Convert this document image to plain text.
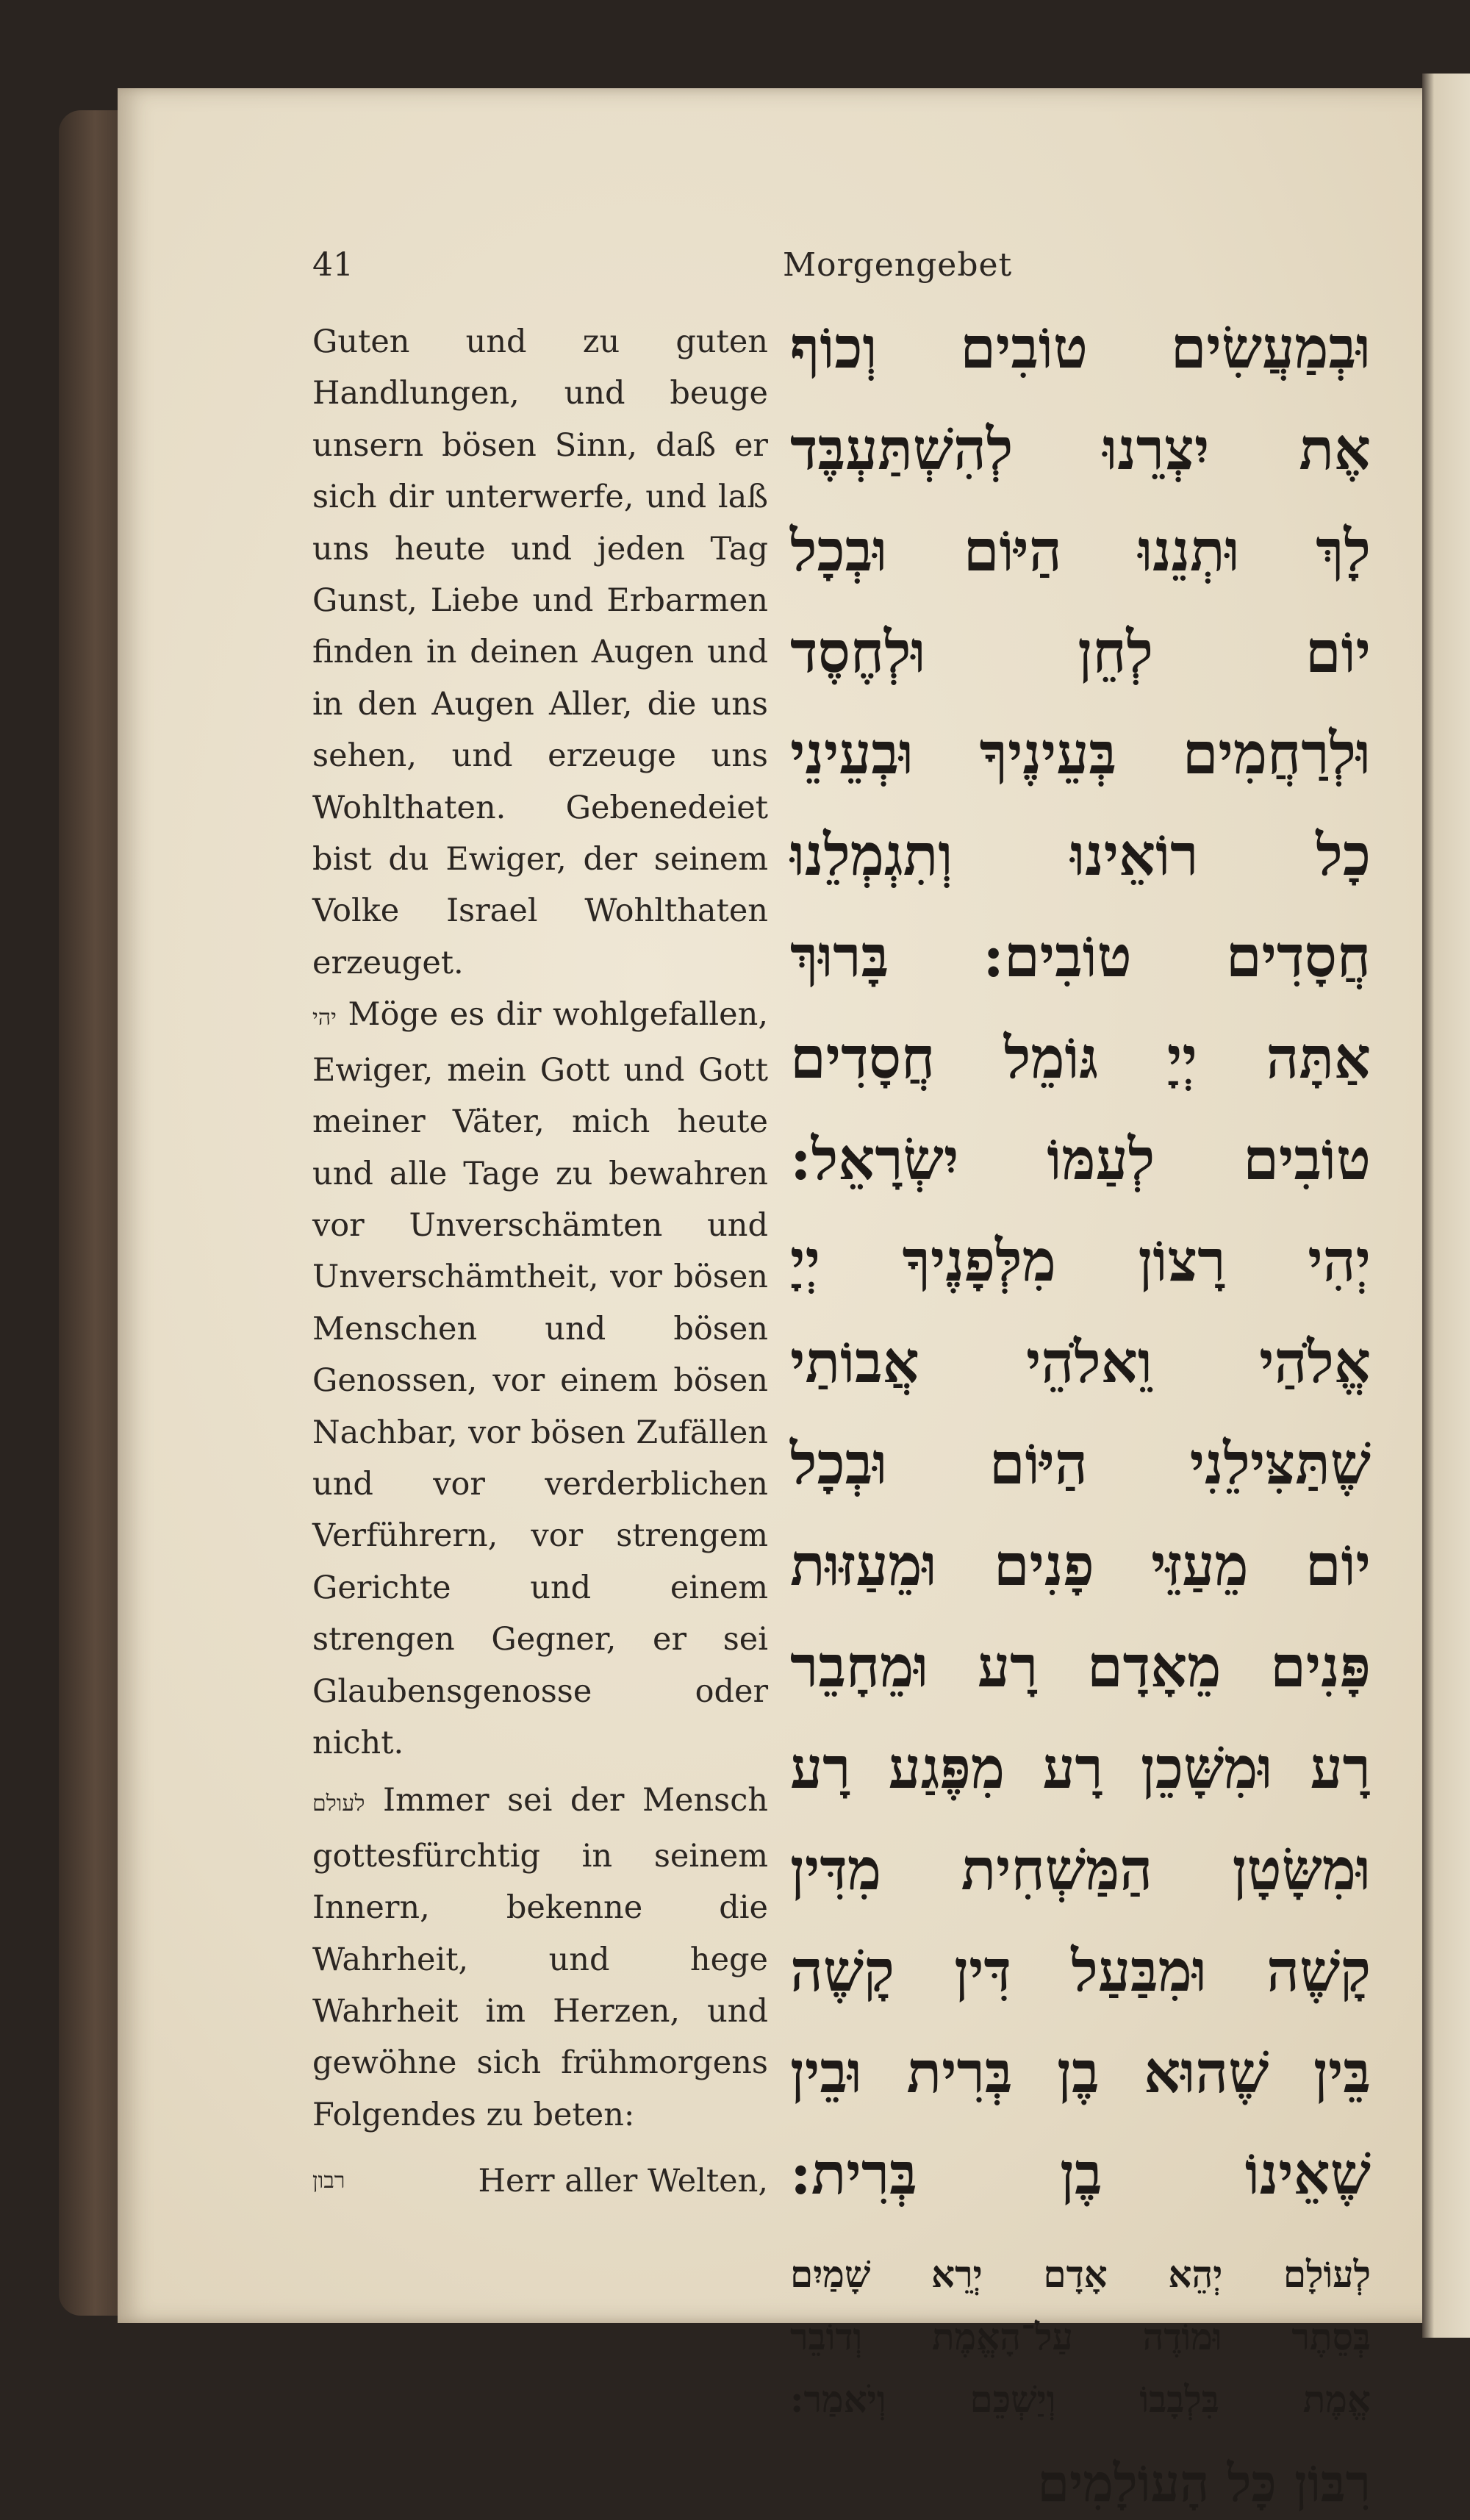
41	Morgengebet

Guten und zu guten Handlungen, und beuge unsern bösen Sinn, daß er sich dir unterwerfe, und laß uns heute und jeden Tag Gunst, Liebe und Erbarmen finden in deinen Augen und in den Augen Aller, die uns sehen, und erzeuge uns Wohlthaten. Gebenedeiet bist du Ewiger, der seinem Volke Israel Wohlthaten erzeuget.

יהי Möge es dir wohlgefallen, Ewiger, mein Gott und Gott meiner Väter, mich heute und alle Tage zu bewahren vor Unverschämten und Unverschämtheit, vor bösen Menschen und bösen Genossen, vor einem bösen Nachbar, vor bösen Zufällen und vor verderblichen Verführern, vor strengem Gerichte und einem strengen Gegner, er sei Glaubensgenosse oder nicht.

לעולם Immer sei der Mensch gottesfürchtig in seinem Innern, bekenne die Wahrheit, und hege Wahrheit im Herzen, und gewöhne sich frühmorgens Folgendes zu beten:

רבון	Herr aller Welten,
וּבְמַעֲשִׂים טוֹבִים וְכוֹף
אֶת יִצְרֵנוּ לְהִשְׁתַּעְבֶּד
לָךְ וּתְנֵנוּ הַיּוֹם וּבְכָל
יוֹם לְחֵן וּלְחֶסֶד
וּלְרַחֲמִים בְּעֵינֶיךָ וּבְעֵינֵי
כָל רוֹאֵינוּ וְתִגְמְלֵנוּ
חֲסָדִים טוֹבִים: בָּרוּךְ
אַתָּה יְיָ גּוֹמֵל חֲסָדִים
טוֹבִים לְעַמּוֹ יִשְׂרָאֵל:
יְהִי רָצוֹן מִלְּפָנֶיךָ יְיָ
אֱלֹהַי וֵאלֹהֵי אֲבוֹתַי
שֶׁתַּצִּילֵנִי הַיּוֹם וּבְכָל
יוֹם מֵעַזֵּי פָנִים וּמֵעַזּוּת
פָּנִים מֵאָדָם רָע וּמֵחָבֵר
רָע וּמִשָּׁכֵן רָע מִפֶּגַע רָע
וּמִשָּׂטָן הַמַּשְׁחִית מִדִּין
קָשֶׁה וּמִבַּעַל דִּין קָשֶׁה
בֵּין שֶׁהוּא בֶן בְּרִית וּבֵין
שֶׁאֵינוֹ בֶן בְּרִית:
לְעוֹלָם יְהֵא אָדָם יְרֵא שָׁמַיִם
בְּסֵתֶר וּמוֹדֶה עַל־הָאֱמֶת וְדוֹבֵר
אֱמֶת בִּלְבָבוֹ וְיַשְׁכֵּם וְיֹאמַר:
רִבּוֹן כָּל הָעוֹלָמִים
